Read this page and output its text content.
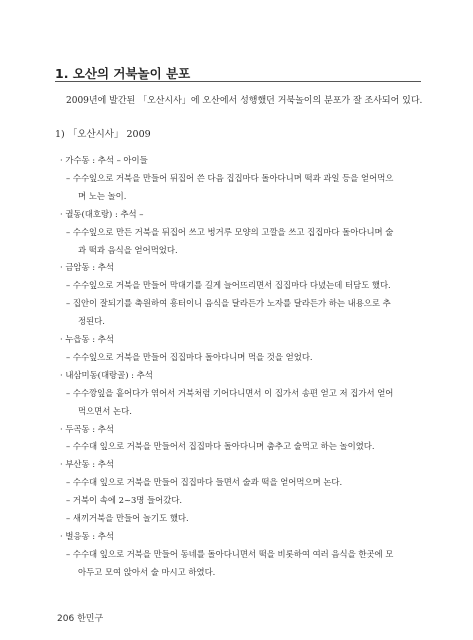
1. 오산의 거북놀이 분포
2009년에 발간된 「오산시사」에 오산에서 성행했던 거북놀이의 분포가 잘 조사되어 있다.
1) 「오산시사」 2009
· 가수동 : 추석 – 아이들
– 수수잎으로 거북을 만들어 뒤집어 쓴 다음 집집마다 돌아다니며 떡과 과일 등을 얻어먹으
며 노는 놀이.
· 궐동(대호랑) : 추석 –
– 수수잎으로 만든 거북을 뒤집어 쓰고 벙거루 모양의 고깔을 쓰고 집집마다 돌아다니며 술
과 떡과 음식을 얻어먹었다.
· 금암동 : 추석
– 수수잎으로 거북을 만들어 막대기를 길게 늘어뜨리면서 집집마다 다녔는데 터담도 했다.
– 집안이 잘되기를 축원하여 흥터이니 음식을 달라든가 노자를 달라든가 하는 내용으로 추
정된다.
· 누읍동 : 추석
– 수수잎으로 거북을 만들어 집집마다 돌아다니며 먹을 것을 얻었다.
· 내삼미동(대랑골) : 추석
– 수수깡잎을 흩어다가 엮어서 거북처럼 기어다니면서 이 집가서 송편 얻고 저 집가서 얻어
먹으면서 논다.
· 두곡동 : 추석
– 수수대 잎으로 거북을 만들어서 집집마다 돌아다니며 춤추고 술먹고 하는 놀이였다.
· 부산동 : 추석
– 수수대 잎으로 거북을 만들어 집집마다 들면서 술과 떡을 얻어먹으며 논다.
– 거북이 속에 2~3명 들어갔다.
– 새끼거북을 만들어 놀기도 했다.
· 벌응동 : 추석
– 수수대 잎으로 거북을 만들어 동네를 돌아다니면서 떡을 비롯하여 여러 음식을 한곳에 모
아두고 모여 앉아서 술 마시고 하였다.
206 한민구
